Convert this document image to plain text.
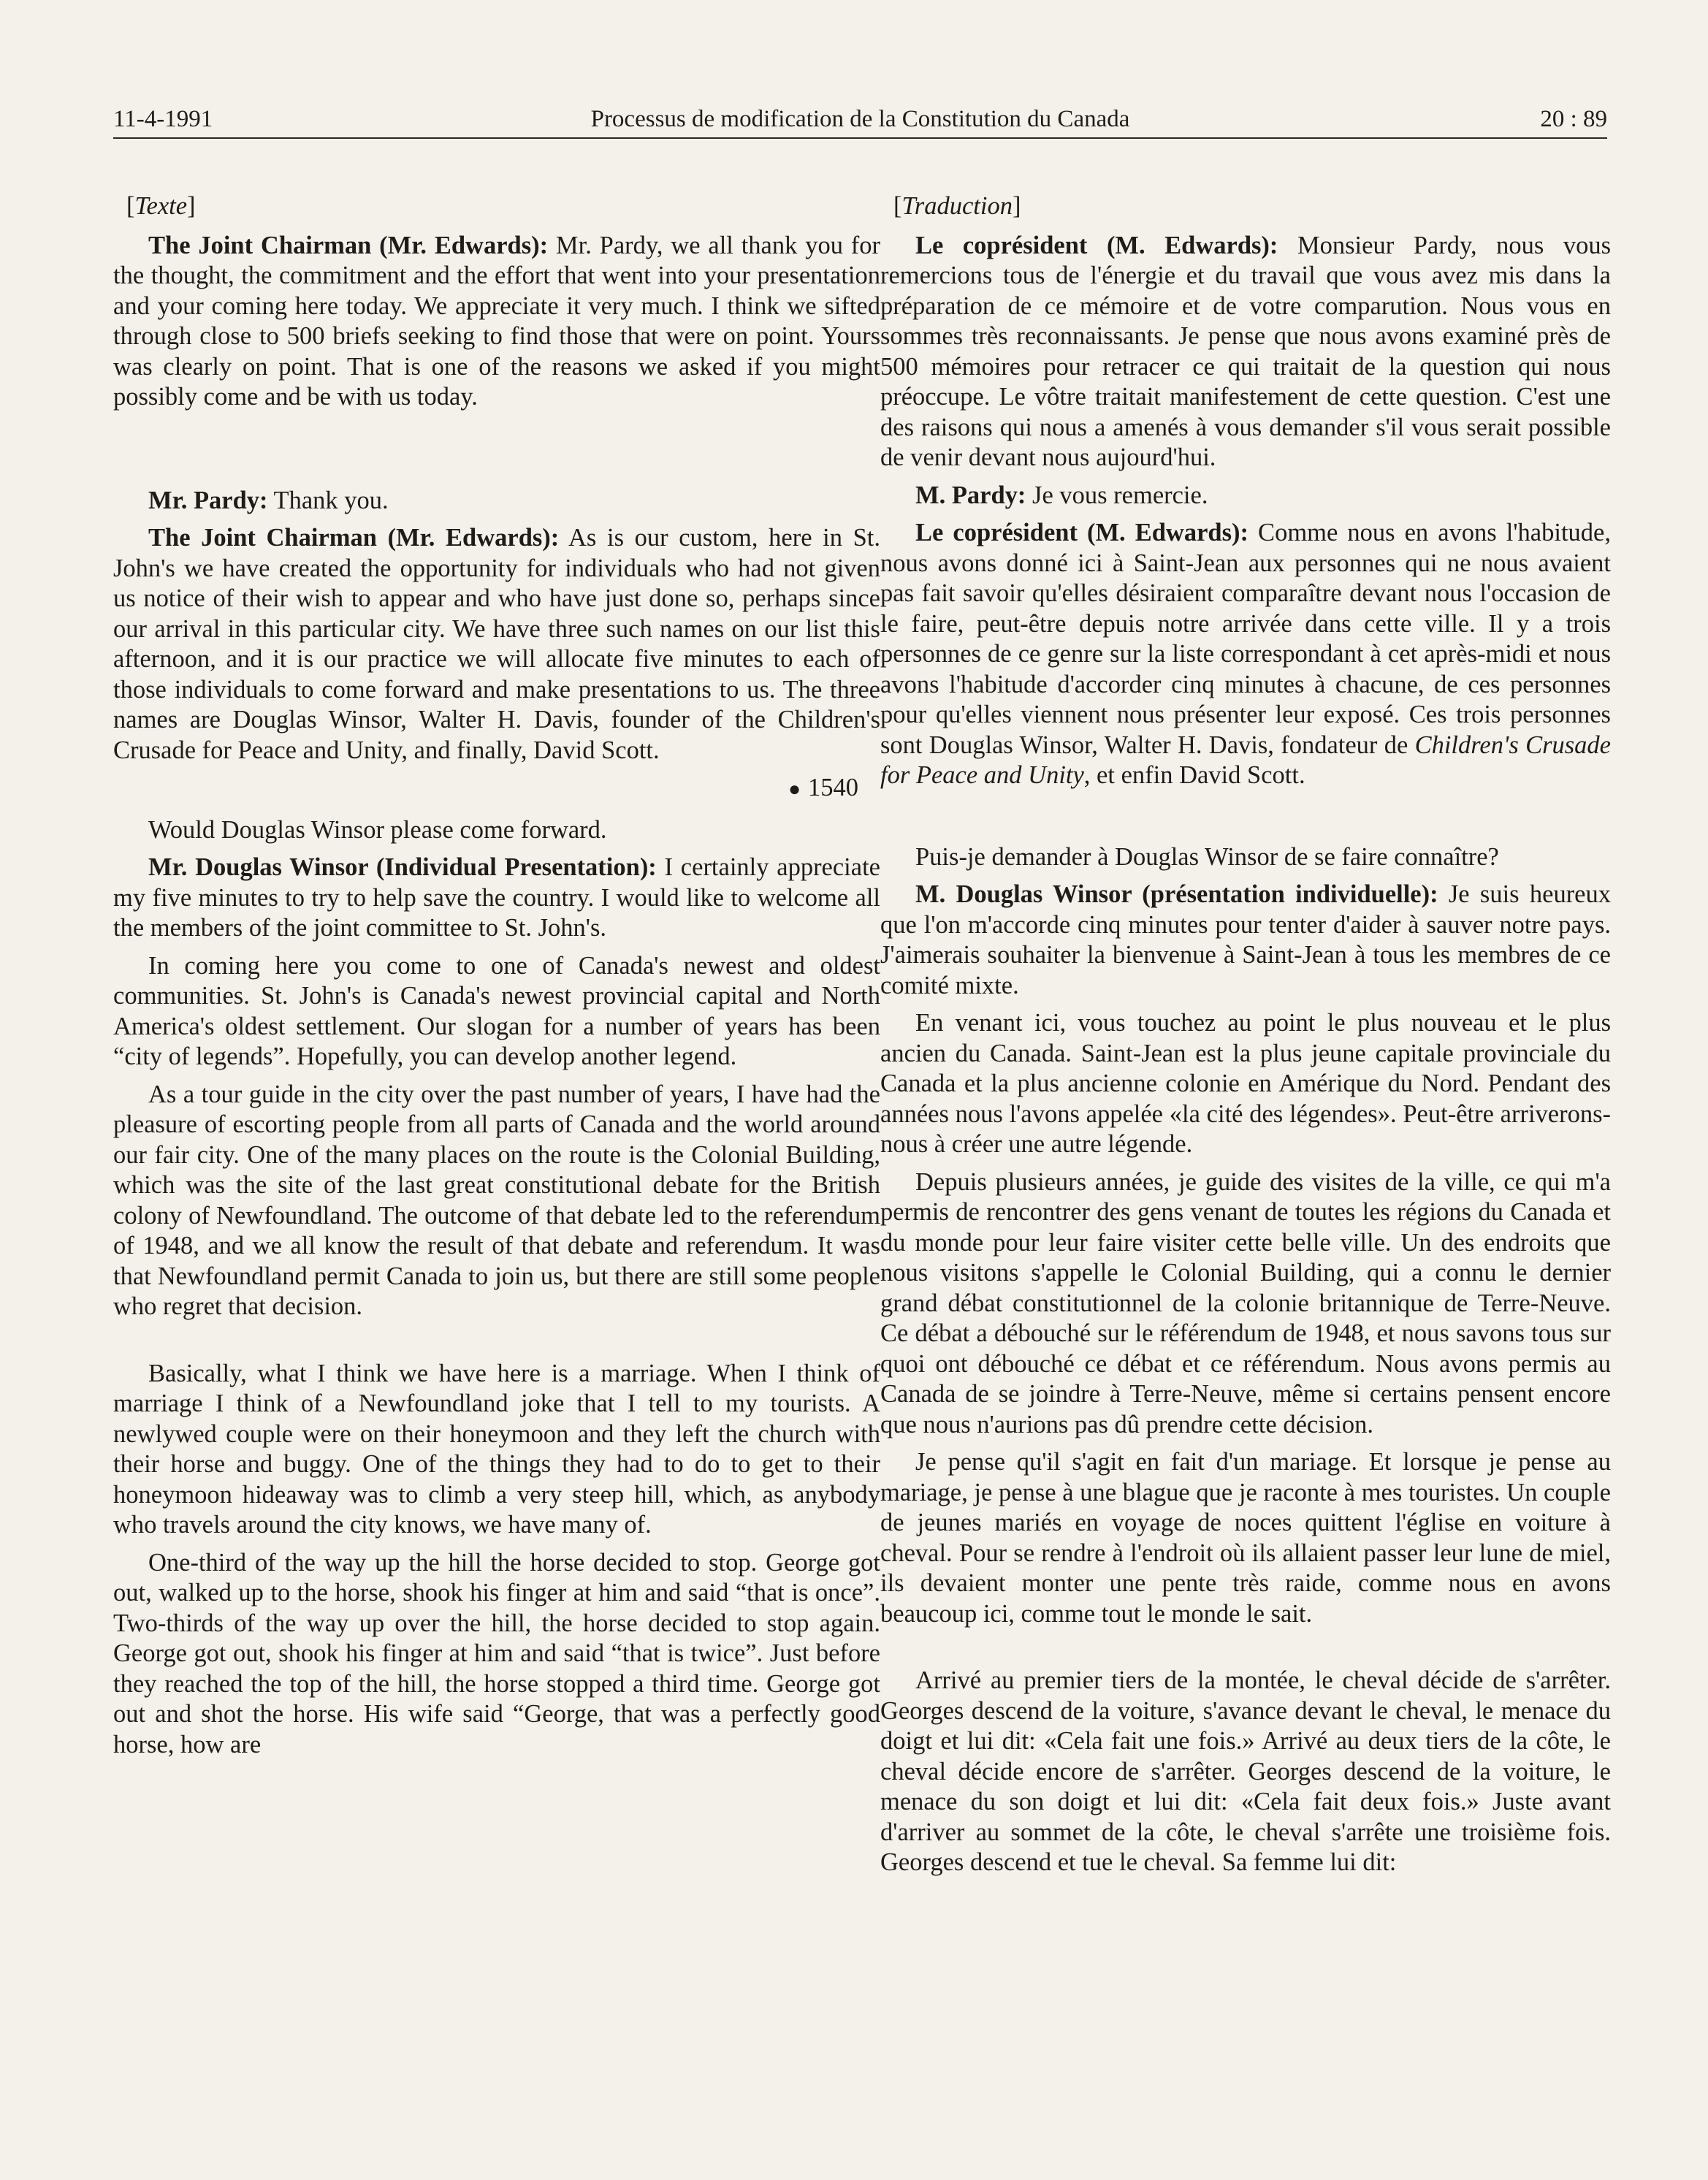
11-4-1991	Processus de modification de la Constitution du Canada	20 : 89
[Texte]

The Joint Chairman (Mr. Edwards): Mr. Pardy, we all thank you for the thought, the commitment and the effort that went into your presentation and your coming here today. We appreciate it very much. I think we sifted through close to 500 briefs seeking to find those that were on point. Yours was clearly on point. That is one of the reasons we asked if you might possibly come and be with us today.

Mr. Pardy: Thank you.

The Joint Chairman (Mr. Edwards): As is our custom, here in St. John's we have created the opportunity for individuals who had not given us notice of their wish to appear and who have just done so, perhaps since our arrival in this particular city. We have three such names on our list this afternoon, and it is our practice we will allocate five minutes to each of those individuals to come forward and make presentations to us. The three names are Douglas Winsor, Walter H. Davis, founder of the Children's Crusade for Peace and Unity, and finally, David Scott.

● 1540

Would Douglas Winsor please come forward.

Mr. Douglas Winsor (Individual Presentation): I certainly appreciate my five minutes to try to help save the country. I would like to welcome all the members of the joint committee to St. John's.

In coming here you come to one of Canada's newest and oldest communities. St. John's is Canada's newest provincial capital and North America's oldest settlement. Our slogan for a number of years has been “city of legends”. Hopefully, you can develop another legend.

As a tour guide in the city over the past number of years, I have had the pleasure of escorting people from all parts of Canada and the world around our fair city. One of the many places on the route is the Colonial Building, which was the site of the last great constitutional debate for the British colony of Newfoundland. The outcome of that debate led to the referendum of 1948, and we all know the result of that debate and referendum. It was that Newfoundland permit Canada to join us, but there are still some people who regret that decision.

Basically, what I think we have here is a marriage. When I think of marriage I think of a Newfoundland joke that I tell to my tourists. A newlywed couple were on their honeymoon and they left the church with their horse and buggy. One of the things they had to do to get to their honeymoon hideaway was to climb a very steep hill, which, as anybody who travels around the city knows, we have many of.

One-third of the way up the hill the horse decided to stop. George got out, walked up to the horse, shook his finger at him and said “that is once”. Two-thirds of the way up over the hill, the horse decided to stop again. George got out, shook his finger at him and said “that is twice”. Just before they reached the top of the hill, the horse stopped a third time. George got out and shot the horse. His wife said “George, that was a perfectly good horse, how are

[Traduction]

Le coprésident (M. Edwards): Monsieur Pardy, nous vous remercions tous de l'énergie et du travail que vous avez mis dans la préparation de ce mémoire et de votre comparution. Nous vous en sommes très reconnaissants. Je pense que nous avons examiné près de 500 mémoires pour retracer ce qui traitait de la question qui nous préoccupe. Le vôtre traitait manifestement de cette question. C'est une des raisons qui nous a amenés à vous demander s'il vous serait possible de venir devant nous aujourd'hui.

M. Pardy: Je vous remercie.

Le coprésident (M. Edwards): Comme nous en avons l'habitude, nous avons donné ici à Saint-Jean aux personnes qui ne nous avaient pas fait savoir qu'elles désiraient comparaître devant nous l'occasion de le faire, peut-être depuis notre arrivée dans cette ville. Il y a trois personnes de ce genre sur la liste correspondant à cet après-midi et nous avons l'habitude d'accorder cinq minutes à chacune, de ces personnes pour qu'elles viennent nous présenter leur exposé. Ces trois personnes sont Douglas Winsor, Walter H. Davis, fondateur de Children's Crusade for Peace and Unity, et enfin David Scott.

Puis-je demander à Douglas Winsor de se faire connaître?

M. Douglas Winsor (présentation individuelle): Je suis heureux que l'on m'accorde cinq minutes pour tenter d'aider à sauver notre pays. J'aimerais souhaiter la bienvenue à Saint-Jean à tous les membres de ce comité mixte.

En venant ici, vous touchez au point le plus nouveau et le plus ancien du Canada. Saint-Jean est la plus jeune capitale provinciale du Canada et la plus ancienne colonie en Amérique du Nord. Pendant des années nous l'avons appelée «la cité des légendes». Peut-être arriverons-nous à créer une autre légende.

Depuis plusieurs années, je guide des visites de la ville, ce qui m'a permis de rencontrer des gens venant de toutes les régions du Canada et du monde pour leur faire visiter cette belle ville. Un des endroits que nous visitons s'appelle le Colonial Building, qui a connu le dernier grand débat constitutionnel de la colonie britannique de Terre-Neuve. Ce débat a débouché sur le référendum de 1948, et nous savons tous sur quoi ont débouché ce débat et ce référendum. Nous avons permis au Canada de se joindre à Terre-Neuve, même si certains pensent encore que nous n'aurions pas dû prendre cette décision.

Je pense qu'il s'agit en fait d'un mariage. Et lorsque je pense au mariage, je pense à une blague que je raconte à mes touristes. Un couple de jeunes mariés en voyage de noces quittent l'église en voiture à cheval. Pour se rendre à l'endroit où ils allaient passer leur lune de miel, ils devaient monter une pente très raide, comme nous en avons beaucoup ici, comme tout le monde le sait.

Arrivé au premier tiers de la montée, le cheval décide de s'arrêter. Georges descend de la voiture, s'avance devant le cheval, le menace du doigt et lui dit: «Cela fait une fois.» Arrivé au deux tiers de la côte, le cheval décide encore de s'arrêter. Georges descend de la voiture, le menace du son doigt et lui dit: «Cela fait deux fois.» Juste avant d'arriver au sommet de la côte, le cheval s'arrête une troisième fois. Georges descend et tue le cheval. Sa femme lui dit:
